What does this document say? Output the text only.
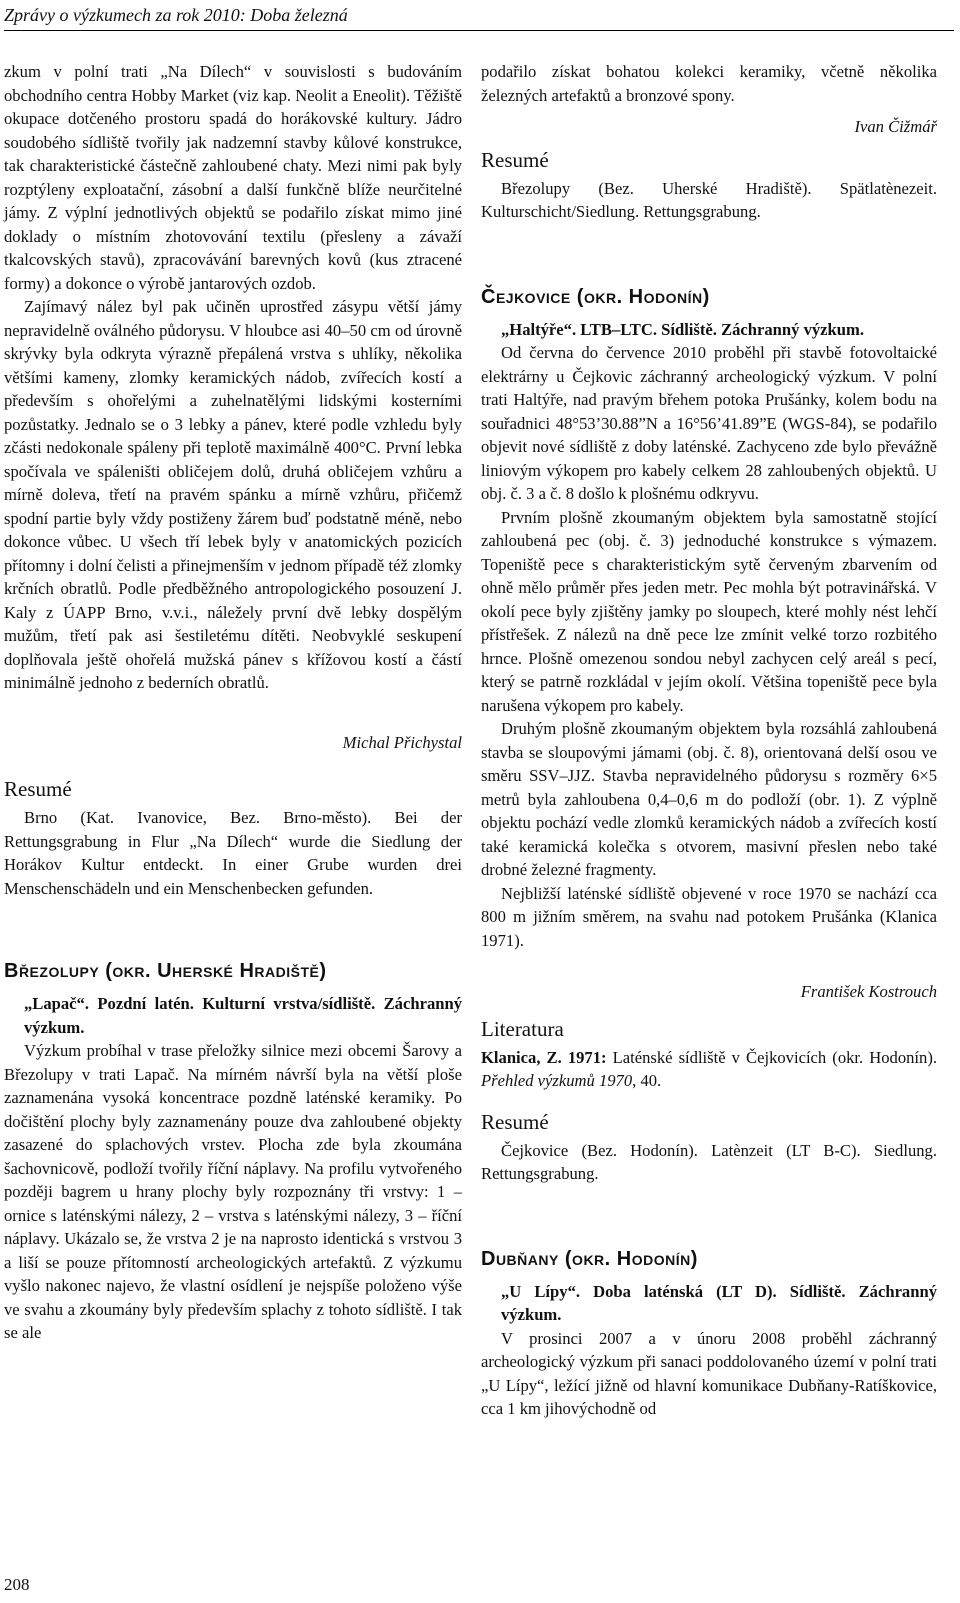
Zprávy o výzkumech za rok 2010: Doba železná

zkum v polní trati „Na Dílech“ v souvislosti s budováním obchodního centra Hobby Market (viz kap. Neolit a Eneolit). Těžiště okupace dotčeného prostoru spadá do horákovské kultury. Jádro soudobého sídliště tvořily jak nadzemní stavby kůlové konstrukce, tak charakteristické částečně zahloubené chaty. Mezi nimi pak byly rozptýleny exploatační, zásobní a další funkčně blíže neurčitelné jámy. Z výplní jednotlivých objektů se podařilo získat mimo jiné doklady o místním zhotovování textilu (přesleny a závaží tkalcovských stavů), zpracovávání barevných kovů (kus ztracené formy) a dokonce o výrobě jantarových ozdob.

Zajímavý nález byl pak učiněn uprostřed zásypu větší jámy nepravidelně oválného půdorysu. V hloubce asi 40–50 cm od úrovně skrývky byla odkryta výrazně přepálená vrstva s uhlíky, několika většími kameny, zlomky keramických nádob, zvířecích kostí a především s ohořelými a zuhelnatělými lidskými kosterními pozůstatky. Jednalo se o 3 lebky a pánev, které podle vzhledu byly zčásti nedokonale spáleny při teplotě maximálně 400°C. První lebka spočívala ve spáleništi obličejem dolů, druhá obličejem vzhůru a mírně doleva, třetí na pravém spánku a mírně vzhůru, přičemž spodní partie byly vždy postiženy žárem buď podstatně méně, nebo dokonce vůbec. U všech tří lebek byly v anatomických pozicích přítomny i dolní čelisti a přinejmenším v jednom případě též zlomky krčních obratlů. Podle předběžného antropologického posouzení J. Kaly z ÚAPP Brno, v.v.i., náležely první dvě lebky dospělým mužům, třetí pak asi šestiletému dítěti. Neobvyklé seskupení doplňovala ještě ohořelá mužská pánev s křížovou kostí a částí minimálně jednoho z bederních obratlů.

Michal Přichystal

Resumé

Brno (Kat. Ivanovice, Bez. Brno-město). Bei der Rettungsgrabung in Flur „Na Dílech“ wurde die Siedlung der Horákov Kultur entdeckt. In einer Grube wurden drei Menschenschädeln und ein Menschenbecken gefunden.

Březolupy (okr. Uherské Hradiště)

„Lapač“. Pozdní latén. Kulturní vrstva/sídliště. Záchranný výzkum.

Výzkum probíhal v trase přeložky silnice mezi obcemi Šarovy a Březolupy v trati Lapač. Na mírném návrší byla na větší ploše zaznamenána vysoká koncentrace pozdně laténské keramiky. Po dočištění plochy byly zaznamenány pouze dva zahloubené objekty zasazené do splachových vrstev. Plocha zde byla zkoumána šachovnicově, podloží tvořily říční náplavy. Na profilu vytvořeného později bagrem u hrany plochy byly rozpoznány tři vrstvy: 1 – ornice s laténskými nálezy, 2 – vrstva s laténskými nálezy, 3 – říční náplavy. Ukázalo se, že vrstva 2 je na naprosto identická s vrstvou 3 a liší se pouze přítomností archeologických artefaktů. Z výzkumu vyšlo nakonec najevo, že vlastní osídlení je nejspíše položeno výše ve svahu a zkoumány byly především splachy z tohoto sídliště. I tak se ale

podařilo získat bohatou kolekci keramiky, včetně několika železných artefaktů a bronzové spony.

Ivan Čižmář

Resumé

Březolupy (Bez. Uherské Hradiště). Spätlatènezeit. Kulturschicht/Siedlung. Rettungsgrabung.

Čejkovice (okr. Hodonín)

„Haltýře“. LTB–LTC. Sídliště. Záchranný výzkum.

Od června do července 2010 proběhl při stavbě fotovoltaické elektrárny u Čejkovic záchranný archeologický výzkum. V polní trati Haltýře, nad pravým břehem potoka Prušánky, kolem bodu na souřadnici 48°53’30.88”N a 16°56’41.89”E (WGS-84), se podařilo objevit nové sídliště z doby laténské. Zachyceno zde bylo převážně liniovým výkopem pro kabely celkem 28 zahloubených objektů. U obj. č. 3 a č. 8 došlo k plošnému odkryvu.

Prvním plošně zkoumaným objektem byla samostatně stojící zahloubená pec (obj. č. 3) jednoduché konstrukce s výmazem. Topeniště pece s charakteristickým sytě červeným zbarvením od ohně mělo průměr přes jeden metr. Pec mohla být potravinářská. V okolí pece byly zjištěny jamky po sloupech, které mohly nést lehčí přístřešek. Z nálezů na dně pece lze zmínit velké torzo rozbitého hrnce. Plošně omezenou sondou nebyl zachycen celý areál s pecí, který se patrně rozkládal v jejím okolí. Většina topeniště pece byla narušena výkopem pro kabely.

Druhým plošně zkoumaným objektem byla rozsáhlá zahloubená stavba se sloupovými jámami (obj. č. 8), orientovaná delší osou ve směru SSV–JJZ. Stavba nepravidelného půdorysu s rozměry 6×5 metrů byla zahloubena 0,4–0,6 m do podloží (obr. 1). Z výplně objektu pochází vedle zlomků keramických nádob a zvířecích kostí také keramická kolečka s otvorem, masivní přeslen nebo také drobné železné fragmenty.

Nejbližší laténské sídliště objevené v roce 1970 se nachází cca 800 m jižním směrem, na svahu nad potokem Prušánka (Klanica 1971).

František Kostrouch

Literatura

Klanica, Z. 1971: Laténské sídliště v Čejkovicích (okr. Hodonín). Přehled výzkumů 1970, 40.

Resumé

Čejkovice (Bez. Hodonín). Latènzeit (LT B-C). Siedlung. Rettungsgrabung.

Dubňany (okr. Hodonín)

„U Lípy“. Doba laténská (LT D). Sídliště. Záchranný výzkum.

V prosinci 2007 a v únoru 2008 proběhl záchranný archeologický výzkum při sanaci poddolovaného území v polní trati „U Lípy“, ležící jižně od hlavní komunikace Dubňany-Ratíškovice, cca 1 km jihovýchodně od

208
